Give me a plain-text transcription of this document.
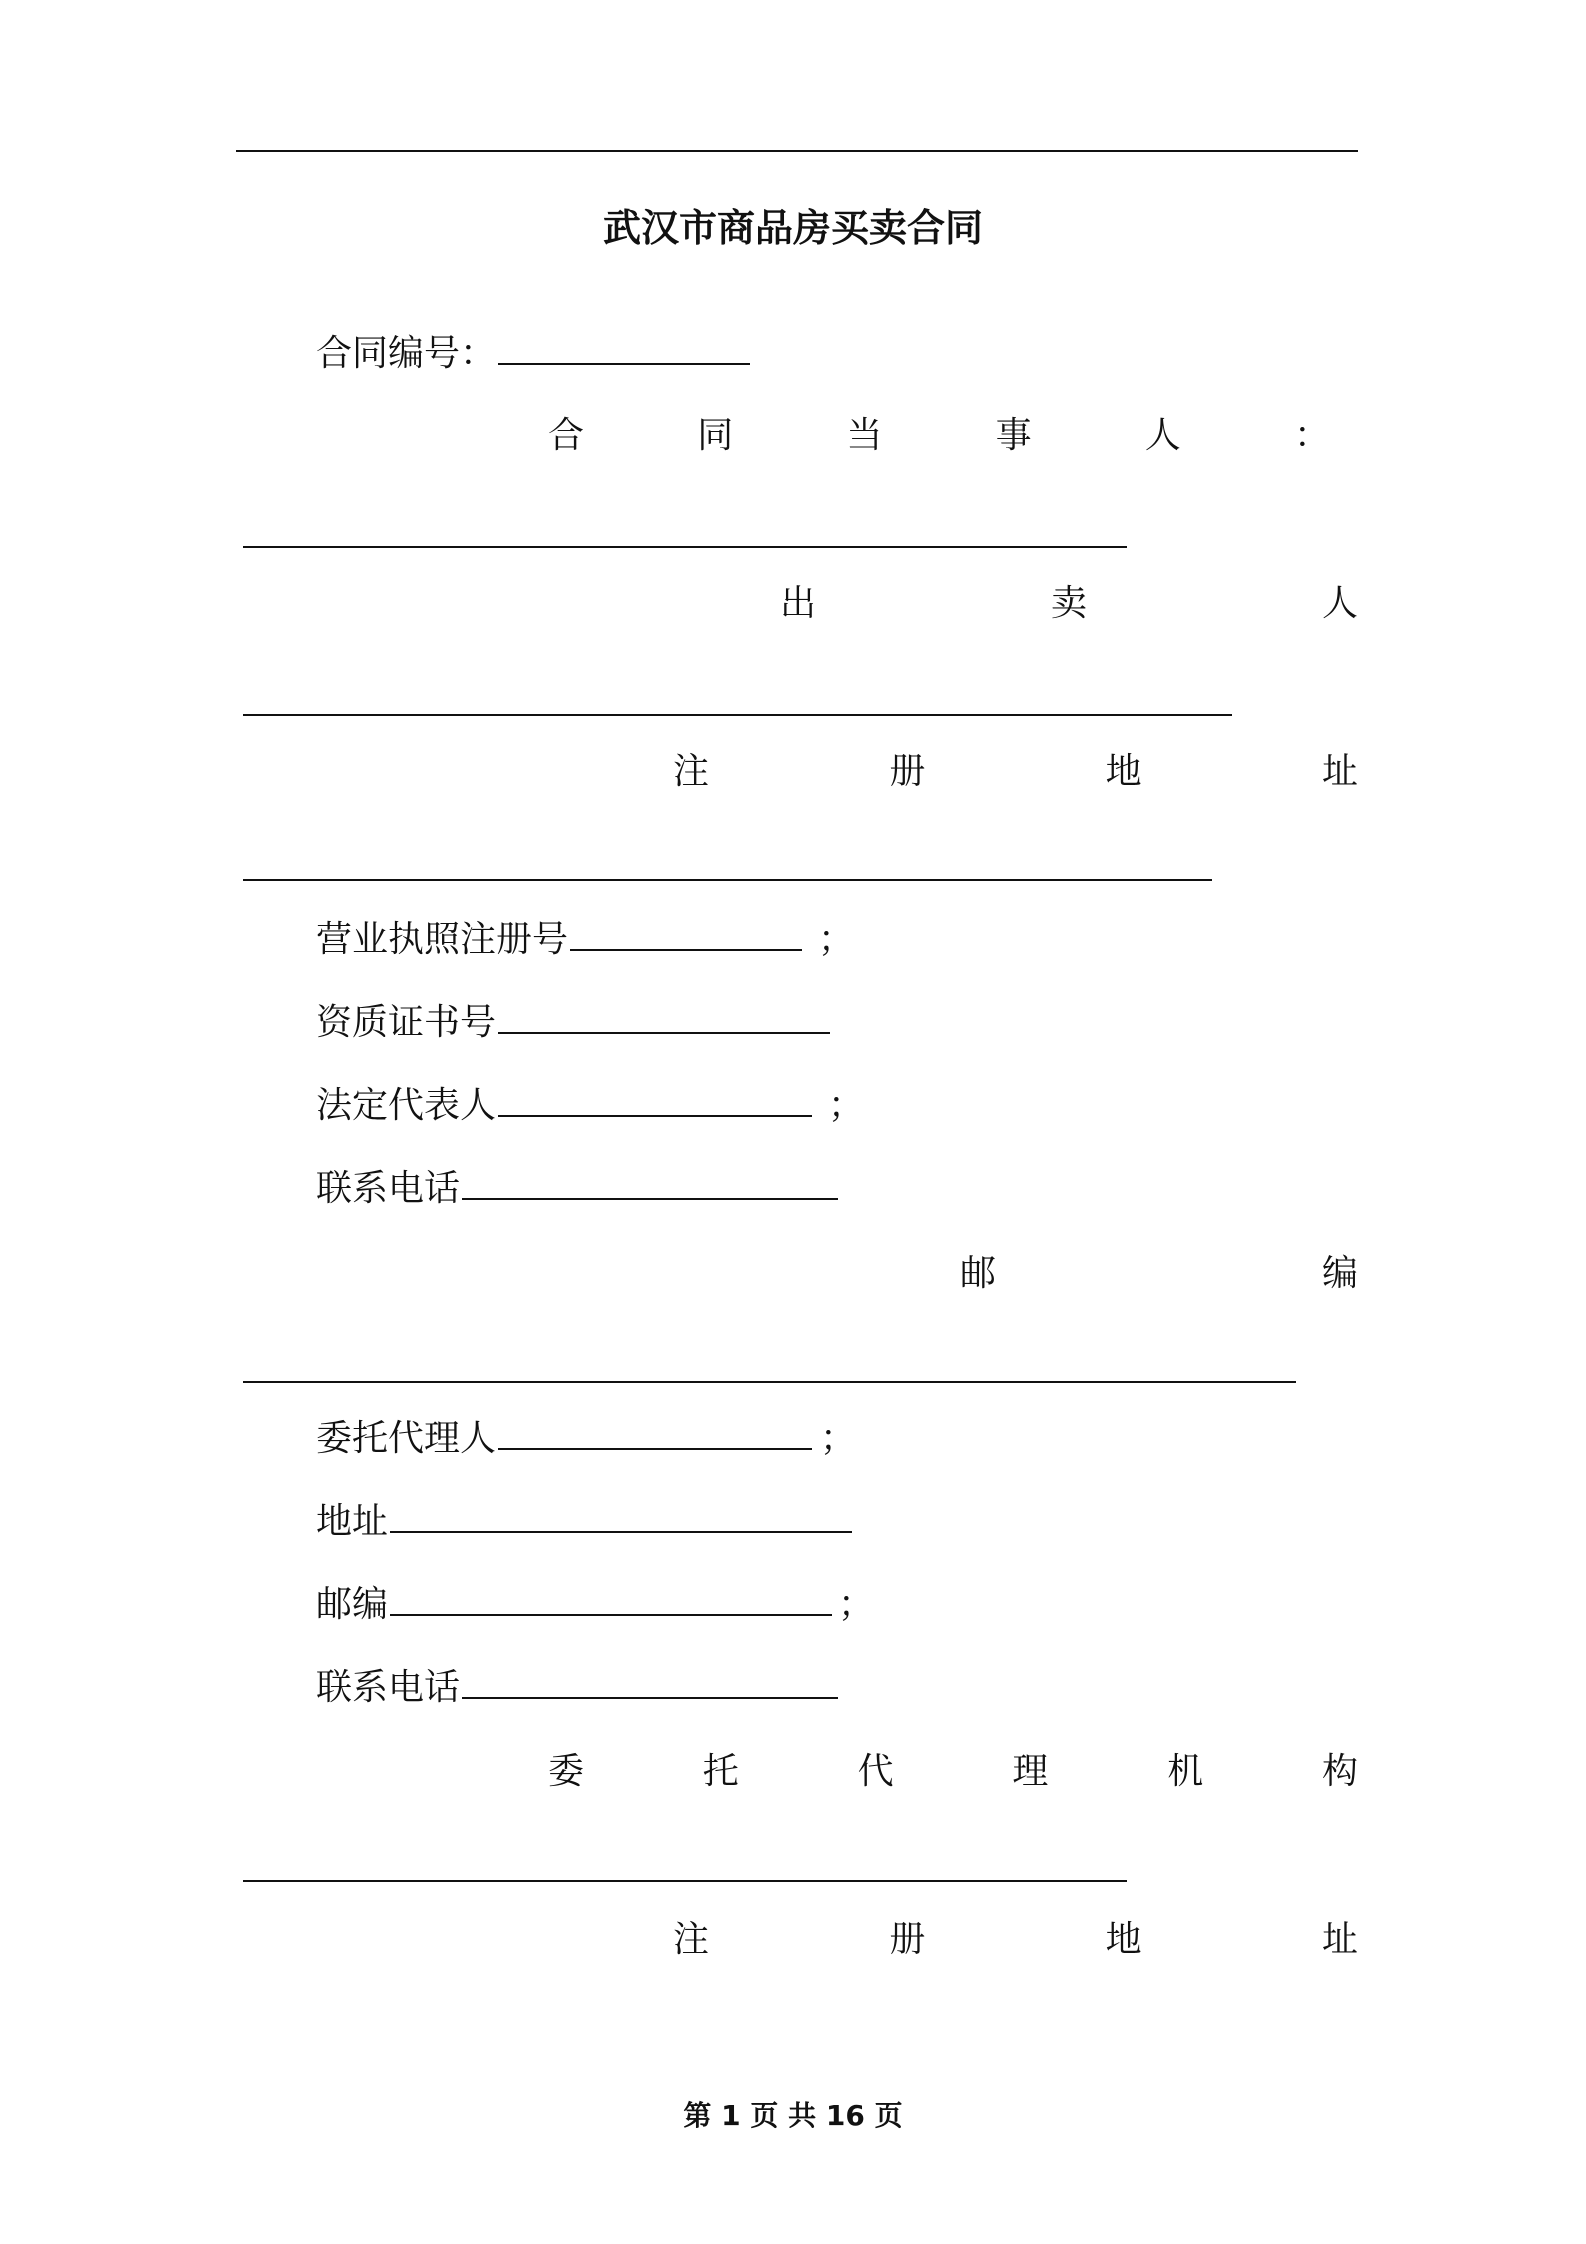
武汉市商品房买卖合同
合同编号：
合	同	当	事	人	：
出	卖	人
注	册	地	址
营业执照注册号	；
资质证书号
法定代表人	；
联系电话
邮	编
委托代理人	；
地址
邮编	；
联系电话
委	托	代	理	机	构
注	册	地	址
第 1 页 共 16 页
